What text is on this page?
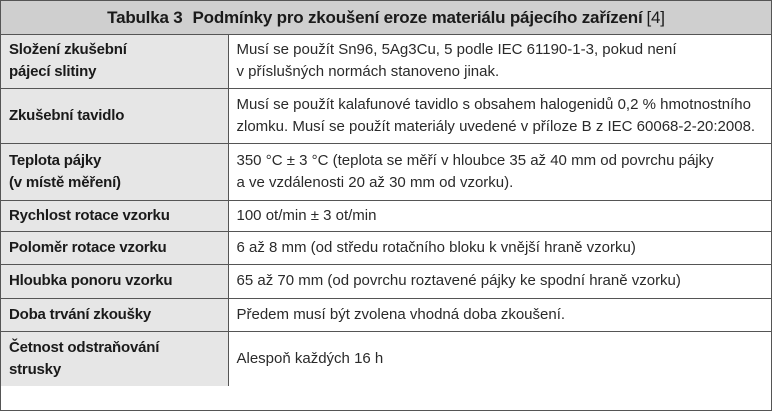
Tabulka 3 Podmínky pro zkoušení eroze materiálu pájecího zařízení [4]
Složení zkušební
pájecí slitiny	Musí se použít Sn96, 5Ag3Cu, 5 podle IEC 61190-1-3, pokud není
v příslušných normách stanoveno jinak.

Zkušební tavidlo	Musí se použít kalafunové tavidlo s obsahem halogenidů 0,2 % hmotnostního
zlomku. Musí se použít materiály uvedené v příloze B z IEC 60068-2-20:2008.

Teplota pájky
(v místě měření)	350 °C ± 3 °C (teplota se měří v hloubce 35 až 40 mm od povrchu pájky
a ve vzdálenosti 20 až 30 mm od vzorku).

Rychlost rotace vzorku	100 ot/min ± 3 ot/min

Poloměr rotace vzorku	6 až 8 mm (od středu rotačního bloku k vnější hraně vzorku)

Hloubka ponoru vzorku	65 až 70 mm (od povrchu roztavené pájky ke spodní hraně vzorku)

Doba trvání zkoušky	Předem musí být zvolena vhodná doba zkoušení.

Četnost odstraňování
strusky	Alespoň každých 16 h
